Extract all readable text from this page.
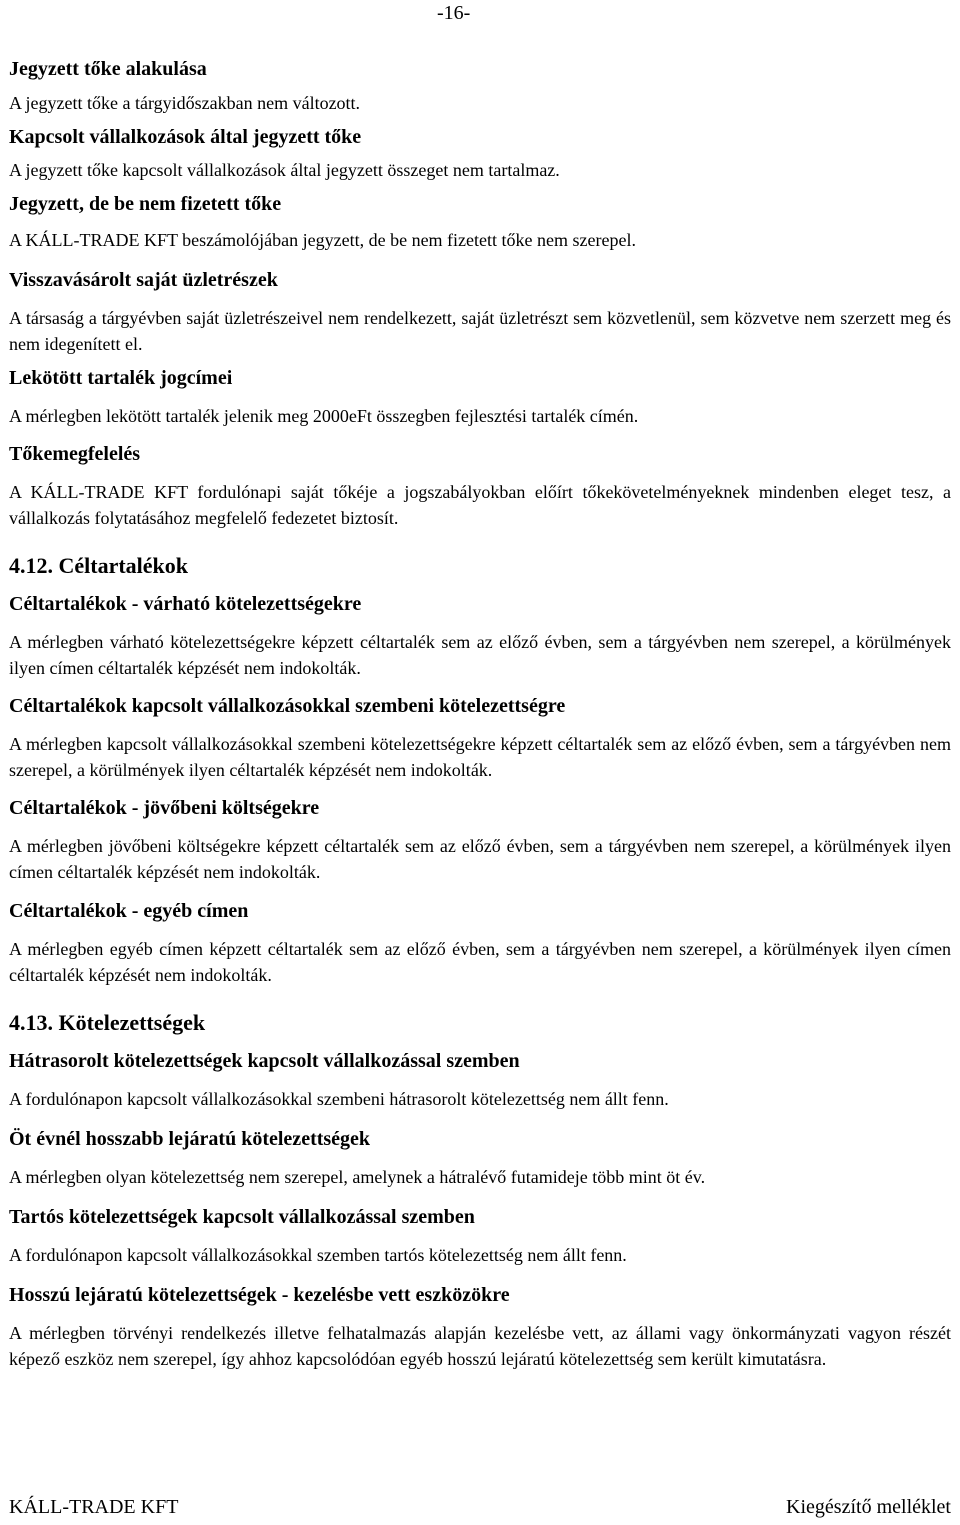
-16-

Jegyzett tőke alakulása

A jegyzett tőke a tárgyidőszakban nem változott.

Kapcsolt vállalkozások által jegyzett tőke

A jegyzett tőke kapcsolt vállalkozások által jegyzett összeget nem tartalmaz.

Jegyzett, de be nem fizetett tőke

A KÁLL-TRADE KFT beszámolójában jegyzett, de be nem fizetett tőke nem szerepel.

Visszavásárolt saját üzletrészek

A társaság a tárgyévben saját üzletrészeivel nem rendelkezett, saját üzletrészt sem közvetlenül, sem közvetve nem szerzett meg és nem idegenített el.

Lekötött tartalék jogcímei

A mérlegben lekötött tartalék jelenik meg 2000eFt összegben fejlesztési tartalék címén.

Tőkemegfelelés

A KÁLL-TRADE KFT fordulónapi saját tőkéje a jogszabályokban előírt tőkekövetelményeknek mindenben eleget tesz, a vállalkozás folytatásához megfelelő fedezetet biztosít.

4.12. Céltartalékok

Céltartalékok - várható kötelezettségekre

A mérlegben várható kötelezettségekre képzett céltartalék sem az előző évben, sem a tárgyévben nem szerepel, a körülmények ilyen címen céltartalék képzését nem indokolták.

Céltartalékok kapcsolt vállalkozásokkal szembeni kötelezettségre

A mérlegben kapcsolt vállalkozásokkal szembeni kötelezettségekre képzett céltartalék sem az előző évben, sem a tárgyévben nem szerepel, a körülmények ilyen céltartalék képzését nem indokolták.

Céltartalékok - jövőbeni költségekre

A mérlegben jövőbeni költségekre képzett céltartalék sem az előző évben, sem a tárgyévben nem szerepel, a körülmények ilyen címen céltartalék képzését nem indokolták.

Céltartalékok - egyéb címen

A mérlegben egyéb címen képzett céltartalék sem az előző évben, sem a tárgyévben nem szerepel, a körülmények ilyen címen céltartalék képzését nem indokolták.

4.13. Kötelezettségek

Hátrasorolt kötelezettségek kapcsolt vállalkozással szemben

A fordulónapon kapcsolt vállalkozásokkal szembeni hátrasorolt kötelezettség nem állt fenn.

Öt évnél hosszabb lejáratú kötelezettségek

A mérlegben olyan kötelezettség nem szerepel, amelynek a hátralévő futamideje több mint öt év.

Tartós kötelezettségek kapcsolt vállalkozással szemben

A fordulónapon kapcsolt vállalkozásokkal szemben tartós kötelezettség nem állt fenn.

Hosszú lejáratú kötelezettségek - kezelésbe vett eszközökre

A mérlegben törvényi rendelkezés illetve felhatalmazás alapján kezelésbe vett, az állami vagy önkormányzati vagyon részét képező eszköz nem szerepel, így ahhoz kapcsolódóan egyéb hosszú lejáratú kötelezettség sem került kimutatásra.

KÁLL-TRADE KFT	Kiegészítő melléklet
